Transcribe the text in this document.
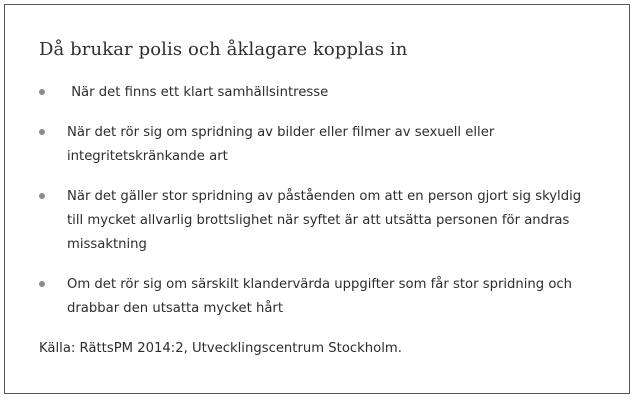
Då brukar polis och åklagare kopplas in
När det finns ett klart samhällsintresse
När det rör sig om spridning av bilder eller filmer av sexuell eller integritetskränkande art
När det gäller stor spridning av påståenden om att en person gjort sig skyldig till mycket allvarlig brottslighet när syftet är att utsätta personen för andras missaktning
Om det rör sig om särskilt klandervärda uppgifter som får stor spridning och drabbar den utsatta mycket hårt

Källa: RättsPM 2014:2, Utvecklingscentrum Stockholm.
